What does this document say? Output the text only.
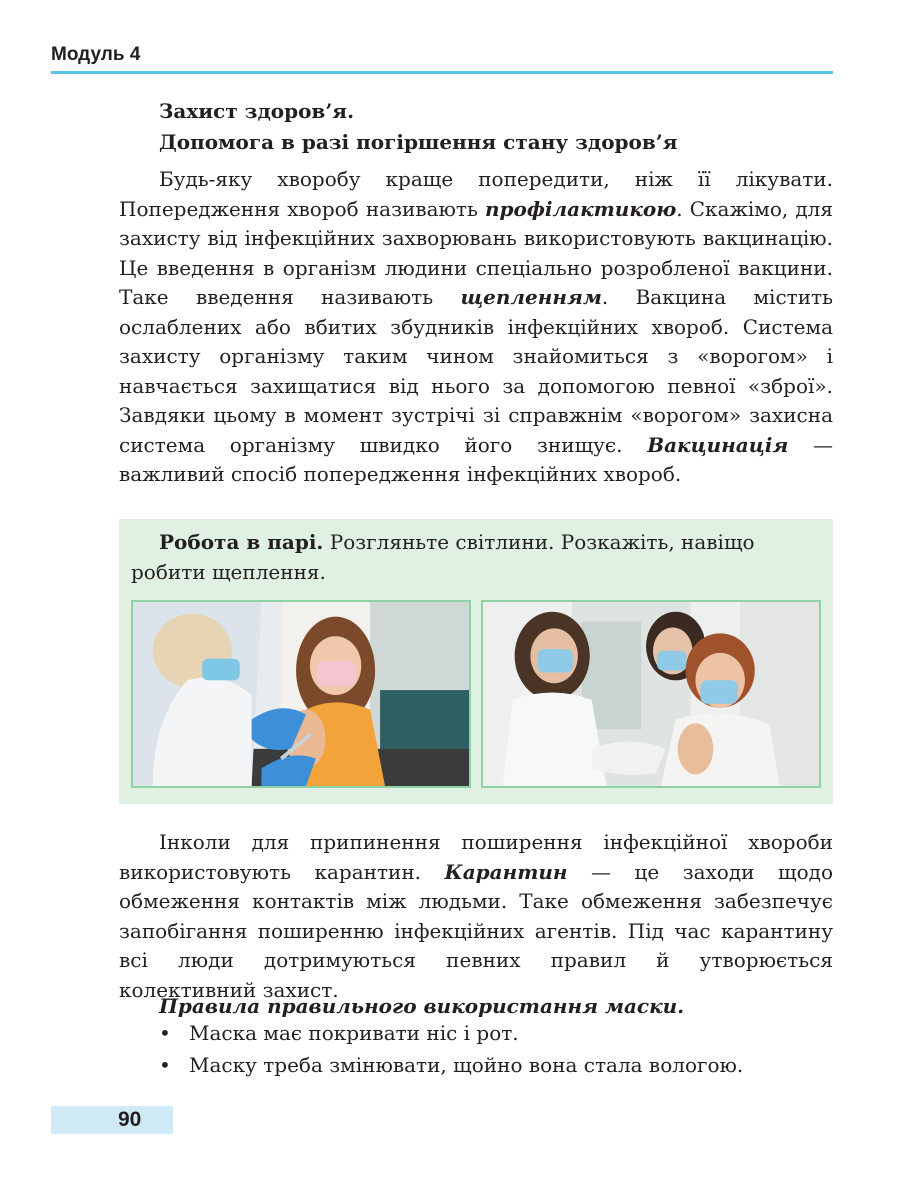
Модуль 4
Захист здоров’я.
Допомога в разі погіршення стану здоров’я

Будь-яку хворобу краще попередити, ніж її лікувати. Попередження хвороб називають профілактикою. Скажімо, для захисту від інфекційних захворювань використовують вакцинацію. Це введення в організм людини спеціально розробленої вакцини. Таке введення називають щепленням. Вакцина містить ослаблених або вбитих збудників інфекційних хвороб. Система захисту організму таким чином знайомиться з «ворогом» і навчається захищатися від нього за допомогою певної «зброї». Завдяки цьому в момент зустрічі зі справжнім «ворогом» захисна система організму швидко його знищує. Вакцинація — важливий спосіб попередження інфекційних хвороб.

Робота в парі. Розгляньте світлини. Розкажіть, навіщо робити щеплення.

Інколи для припинення поширення інфекційної хвороби використовують карантин. Карантин — це заходи щодо обмеження контактів між людьми. Таке обмеження забезпечує запобігання поширенню інфекційних агентів. Під час карантину всі люди дотримуються певних правил й утворюється колективний захист.

Правила правильного використання маски.
• Маска має покривати ніс і рот.
• Маску треба змінювати, щойно вона стала вологою.
90
